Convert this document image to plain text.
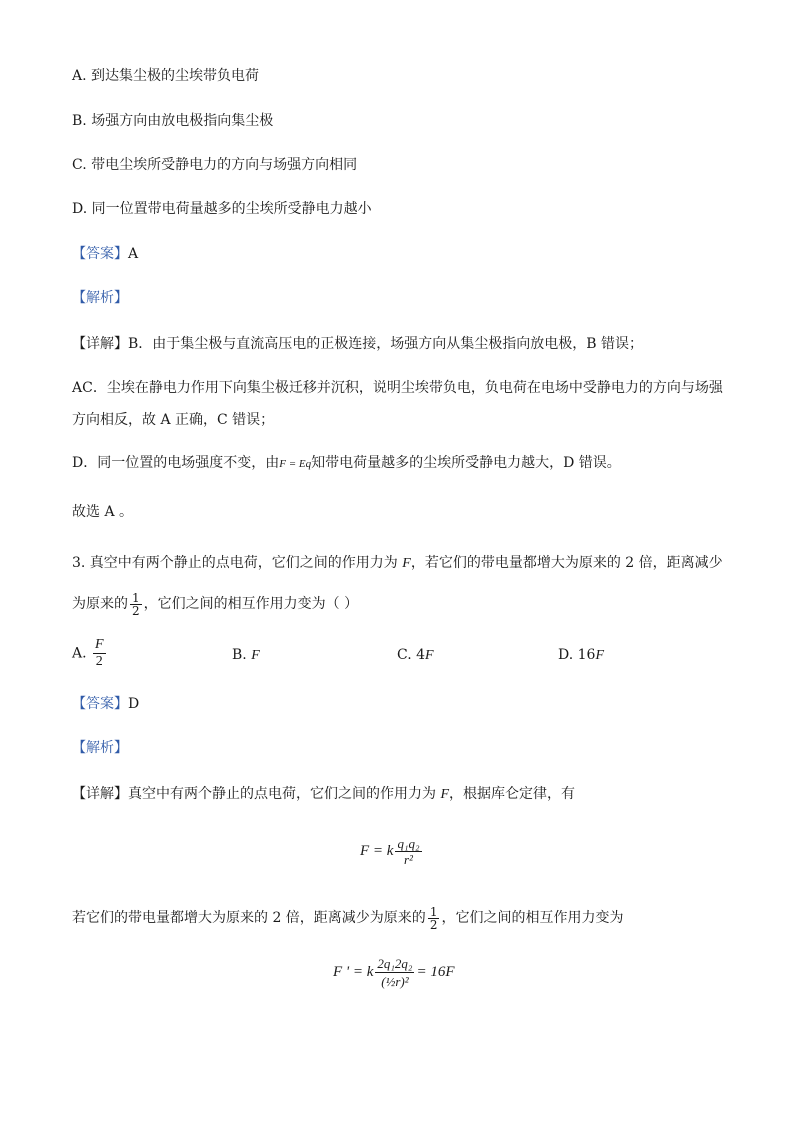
A. 到达集尘极的尘埃带负电荷
B. 场强方向由放电极指向集尘极
C. 带电尘埃所受静电力的方向与场强方向相同
D. 同一位置带电荷量越多的尘埃所受静电力越小
【答案】A
【解析】
【详解】B．由于集尘极与直流高压电的正极连接，场强方向从集尘极指向放电极，B 错误；
AC．尘埃在静电力作用下向集尘极迁移并沉积，说明尘埃带负电，负电荷在电场中受静电力的方向与场强
方向相反，故 A 正确，C 错误；
D．同一位置的电场强度不变，由F = Eq知带电荷量越多的尘埃所受静电力越大，D 错误。
故选 A 。
3. 真空中有两个静止的点电荷，它们之间的作用力为 F，若它们的带电量都增大为原来的 2 倍，距离减少
为原来的 $\frac{1}{2}$ ，它们之间的相互作用力变为（ ）
A. $\frac{F}{2}$	B. F	C. 4F	D. 16F
【答案】D
【解析】
【详解】真空中有两个静止的点电荷，它们之间的作用力为 F，根据库仑定律，有
F = k $\frac{\text{q₁q₂}}{\text{r²}}$
若它们的带电量都增大为原来的 2 倍，距离减少为原来的 $\frac{1}{2}$ ，它们之间的相互作用力变为
F ' = k $\frac{\text{2q₁2q₂}}{\text{(½r)²}} = 16F$
